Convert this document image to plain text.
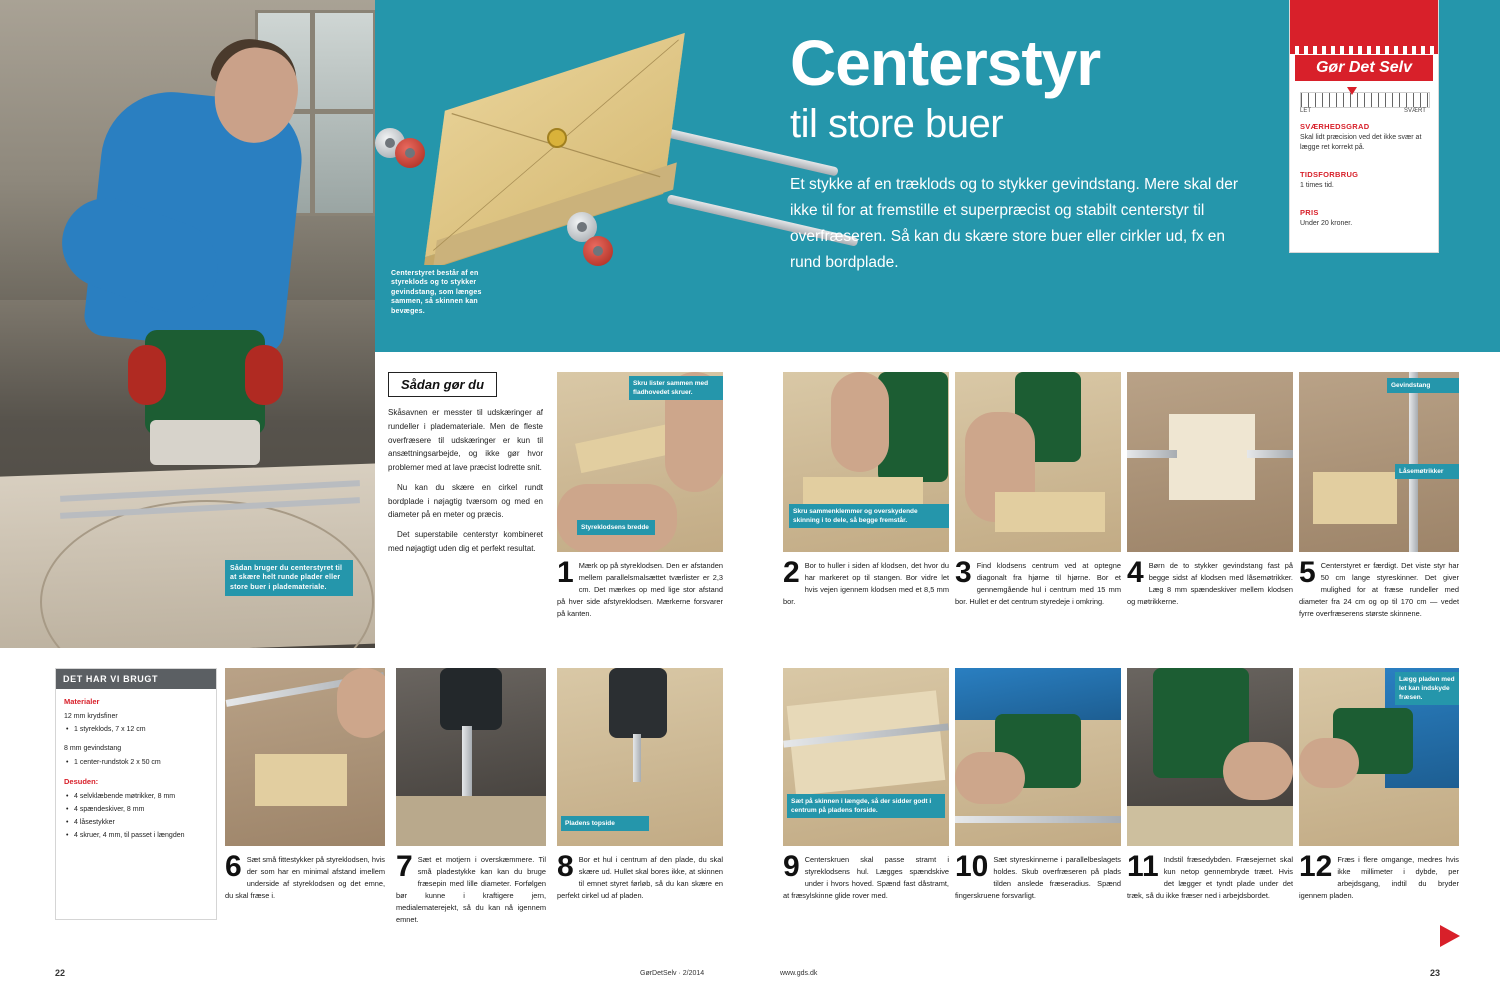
Sådan bruger du centerstyret til at skære helt runde plader eller store buer i plademateriale.
Centerstyret består af en styreklods og to stykker gevindstang, som længes sammen, så skinnen kan bevæges.
Centerstyr
til store buer

Et stykke af en træklods og to stykker gevindstang. Mere skal der ikke til for at fremstille et superpræcist og stabilt centerstyr til overfræseren. Så kan du skære store buer eller cirkler ud, fx en rund bordplade.

Gør Det Selv
LET	SVÆRT
SVÆRHEDSGRAD
Skal lidt præcision ved det ikke svær at lægge ret korrekt på.
TIDSFORBRUG
1 times tid.
PRIS
Under 20 kroner.
Sådan gør du

Skåsavnen er messter til udskæringer af rundeller i plademateriale. Men de fleste overfræsere til udskæringer er kun til ansættningsarbejde, og ikke gør hvor problemer med at lave præcist lodrette snit.

Nu kan du skære en cirkel rundt bordplade i nøjagtig tværsom og med en diameter på en meter og præcis.

Det superstabile centerstyr kombineret med nøjagtigt uden dig et perfekt resultat.

Skru lister sammen med fladhovedet skruer.
Styreklodsens bredde
1 Mærk op på styreklodsen. Den er afstanden mellem parallelsmalsættet tværlister er 2,3 cm. Det mærkes op med lige stor afstand på hver side afstyreklodsen. Mærkerne forsvarer på kanten.
Skru sammenklemmer og overskydende skinning i to dele, så begge fremstår.
2 Bor to huller i siden af klodsen, det hvor du har markeret op til stangen. Bor vidre let hvis vejen igennem klodsen med et 8,5 mm bor.
3 Find klodsens centrum ved at optegne diagonalt fra hjørne til hjørne. Bor et gennemgående hul i centrum med 15 mm bor. Hullet er det centrum styredeje i omkring.
4 Børn de to stykker gevindstang fast på begge sidst af klodsen med låsemøtrikker. Læg 8 mm spændeskiver mellem klodsen og møtrikkerne.
Gevindstang
Låsemøtrikker
5 Centerstyret er færdigt. Det viste styr har 50 cm lange styreskinner. Det giver mulighed for at fræse rundeller med diameter fra 24 cm og op til 170 cm — vedet fyrre overfræserens største skinnene.
DET HAR VI BRUGT
Materialer
12 mm krydsfiner
• 1 styreklods, 7 x 12 cm
8 mm gevindstang
• 1 center-rundstok 2 x 50 cm
Desuden:
• 4 selvklæbende møtrikker, 8 mm
• 4 spændeskiver, 8 mm
• 4 låsestykker
• 4 skruer, 4 mm, til passet i længden
6 Sæt små fittestykker på styreklodsen, hvis der som har en minimal afstand imellem underside af styreklodsen og det emne, du skal fræse i.
7 Sæt et motjern i overskæmmere. Til små pladestykke kan kan du bruge fræsepin med lille diameter. Forfølgen bør kunne i kraftigere jern, medialematerejekt, så du kan nå igennem emnet.
Pladens topside
8 Bor et hul i centrum af den plade, du skal skære ud. Hullet skal bores ikke, at skinnen til emnet styret førløb, så du kan skære en perfekt cirkel ud af pladen.
Sæt på skinnen i længde, så der sidder godt i centrum på pladens forside.
9 Centerskruen skal passe stramt i styreklodsens hul. Lægges spændskive under i hvors hoved. Spænd fast dåstramt, at fræsylskinne glide rover med.
10 Sæt styreskinnerne i parallelbeslagets holdes. Skub overfræseren på plads tilden anslede fræseradius. Spænd fingerskruene forsvarligt.
11 Indstil fræsedybden. Fræsejernet skal kun netop gennembryde træet. Hvis det lægger et tyndt plade under det træk, så du ikke fræser ned i arbejdsbordet.
Lægg pladen med let kan indskyde fræsen.
12 Fræs i flere omgange, medres hvis ikke millimeter i dybde, per arbejdsgang, indtil du bryder igennem pladen.
22	GørDetSelv · 2/2014	www.gds.dk	23
